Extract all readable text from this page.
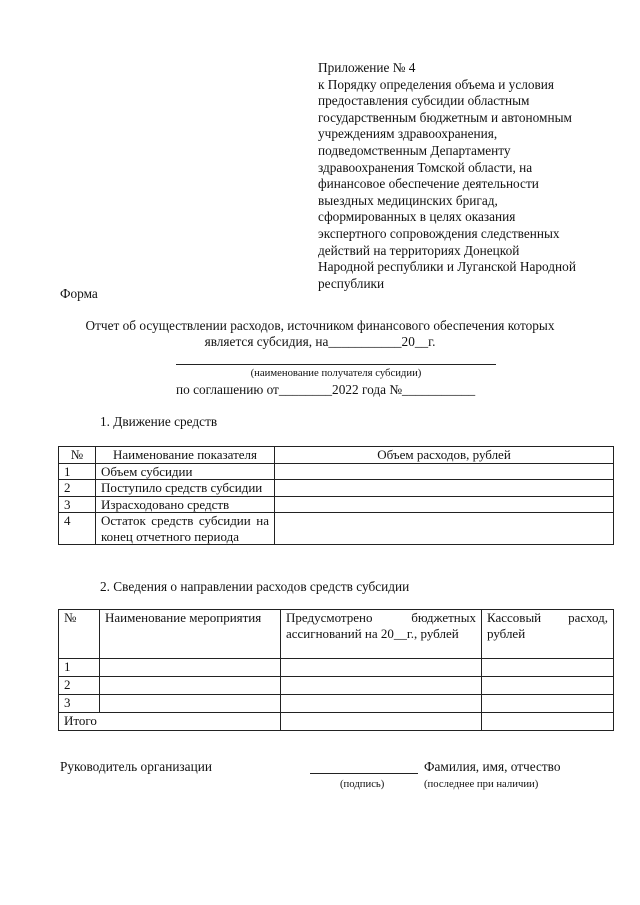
Приложение № 4
к Порядку определения объема и условия
предоставления субсидии областным
государственным бюджетным и автономным
учреждениям здравоохранения,
подведомственным Департаменту
здравоохранения Томской области, на
финансовое обеспечение деятельности
выездных медицинских бригад,
сформированных в целях оказания
экспертного сопровождения следственных
действий на территориях Донецкой
Народной республики и Луганской Народной
республики
Форма
Отчет об осуществлении расходов, источником финансового обеспечения которых
является субсидия, на___________20__г.
(наименование получателя субсидии)
по соглашению от________2022 года №___________
1. Движение средств
№	Наименование показателя	Объем расходов, рублей
1	Объем субсидии	
2	Поступило средств субсидии	
3	Израсходовано средств	
4	Остаток средств субсидии на конец отчетного периода	
2. Сведения о направлении расходов средств субсидии
№	Наименование мероприятия	Предусмотрено бюджетных ассигнований на 20__г., рублей	Кассовый расход, рублей
1			
2			
3			
Итого			
Руководитель организации	Фамилия, имя, отчество
(подпись)	(последнее при наличии)
